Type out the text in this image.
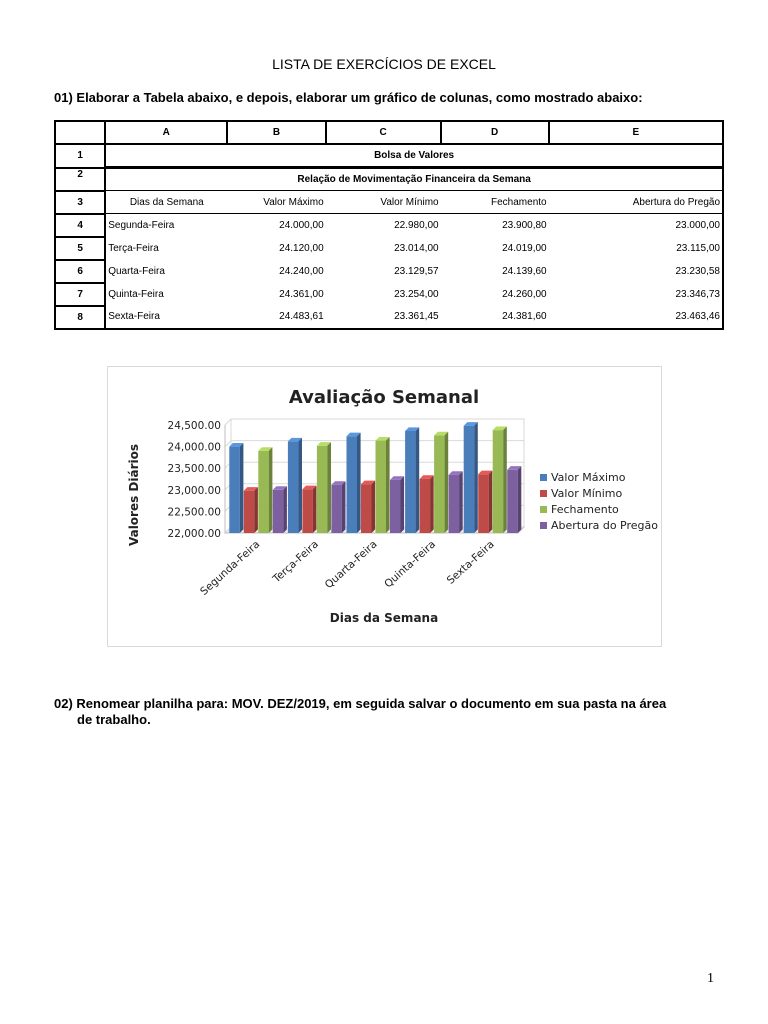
LISTA DE EXERCÍCIOS DE EXCEL
01) Elaborar a Tabela abaixo, e depois, elaborar um gráfico de colunas, como mostrado abaixo:
	A	B	C	D	E
1	Bolsa de Valores				
2	Relação de Movimentação Financeira da Semana				
3	Dias da Semana	Valor Máximo	Valor Mínimo	Fechamento	Abertura do Pregão
4	Segunda-Feira	24.000,00	22.980,00	23.900,80	23.000,00
5	Terça-Feira	24.120,00	23.014,00	24.019,00	23.115,00
6	Quarta-Feira	24.240,00	23.129,57	24.139,60	23.230,58
7	Quinta-Feira	24.361,00	23.254,00	24.260,00	23.346,73
8	Sexta-Feira	24.483,61	23.361,45	24.381,60	23.463,46
Avaliação Semanal
Dias da Semana
Valores Diários
24,500.00
24,000.00
23,500.00
23,000.00
22,500.00
22,000.00
Segunda-Feira Terça-Feira Quarta-Feira Quinta-Feira Sexta-Feira
Valor Máximo
Valor Mínimo
Fechamento
Abertura do Pregão
02) Renomear planilha para: MOV. DEZ/2019, em seguida salvar o documento em sua pasta na área
de trabalho.
1
